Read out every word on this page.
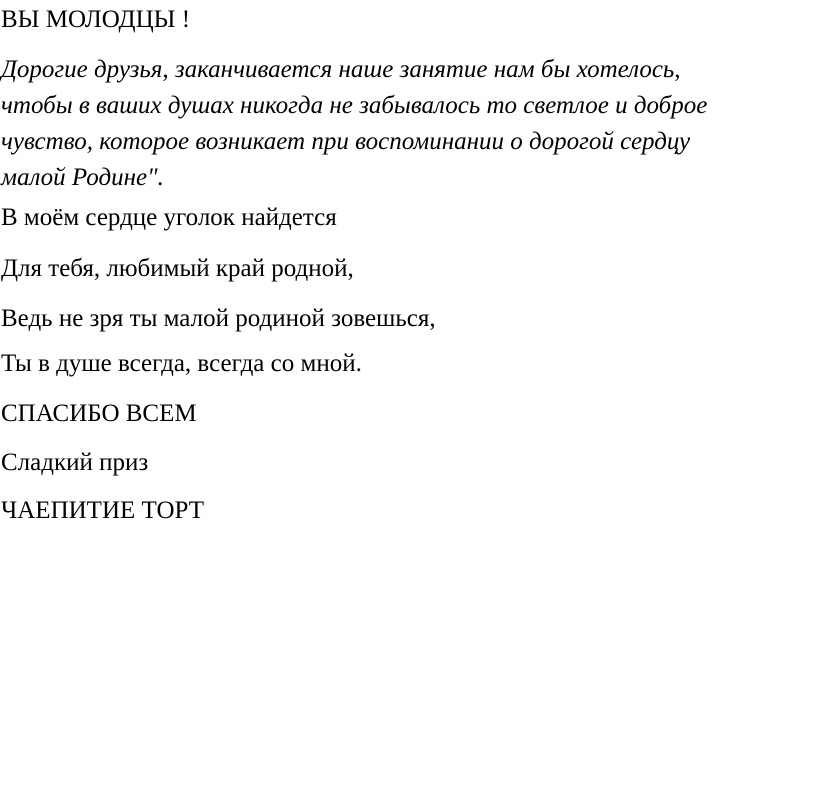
ВЫ МОЛОДЦЫ !

Дорогие друзья, заканчивается наше занятие нам бы хотелось,
чтобы в ваших душах никогда не забывалось то светлое и доброе
чувство, которое возникает при воспоминании о дорогой сердцу
малой Родине".

В моём сердце уголок найдется

Для тебя, любимый край родной,

Ведь не зря ты малой родиной зовешься,

Ты в душе всегда, всегда со мной.

СПАСИБО ВСЕМ

Сладкий приз

ЧАЕПИТИЕ ТОРТ
